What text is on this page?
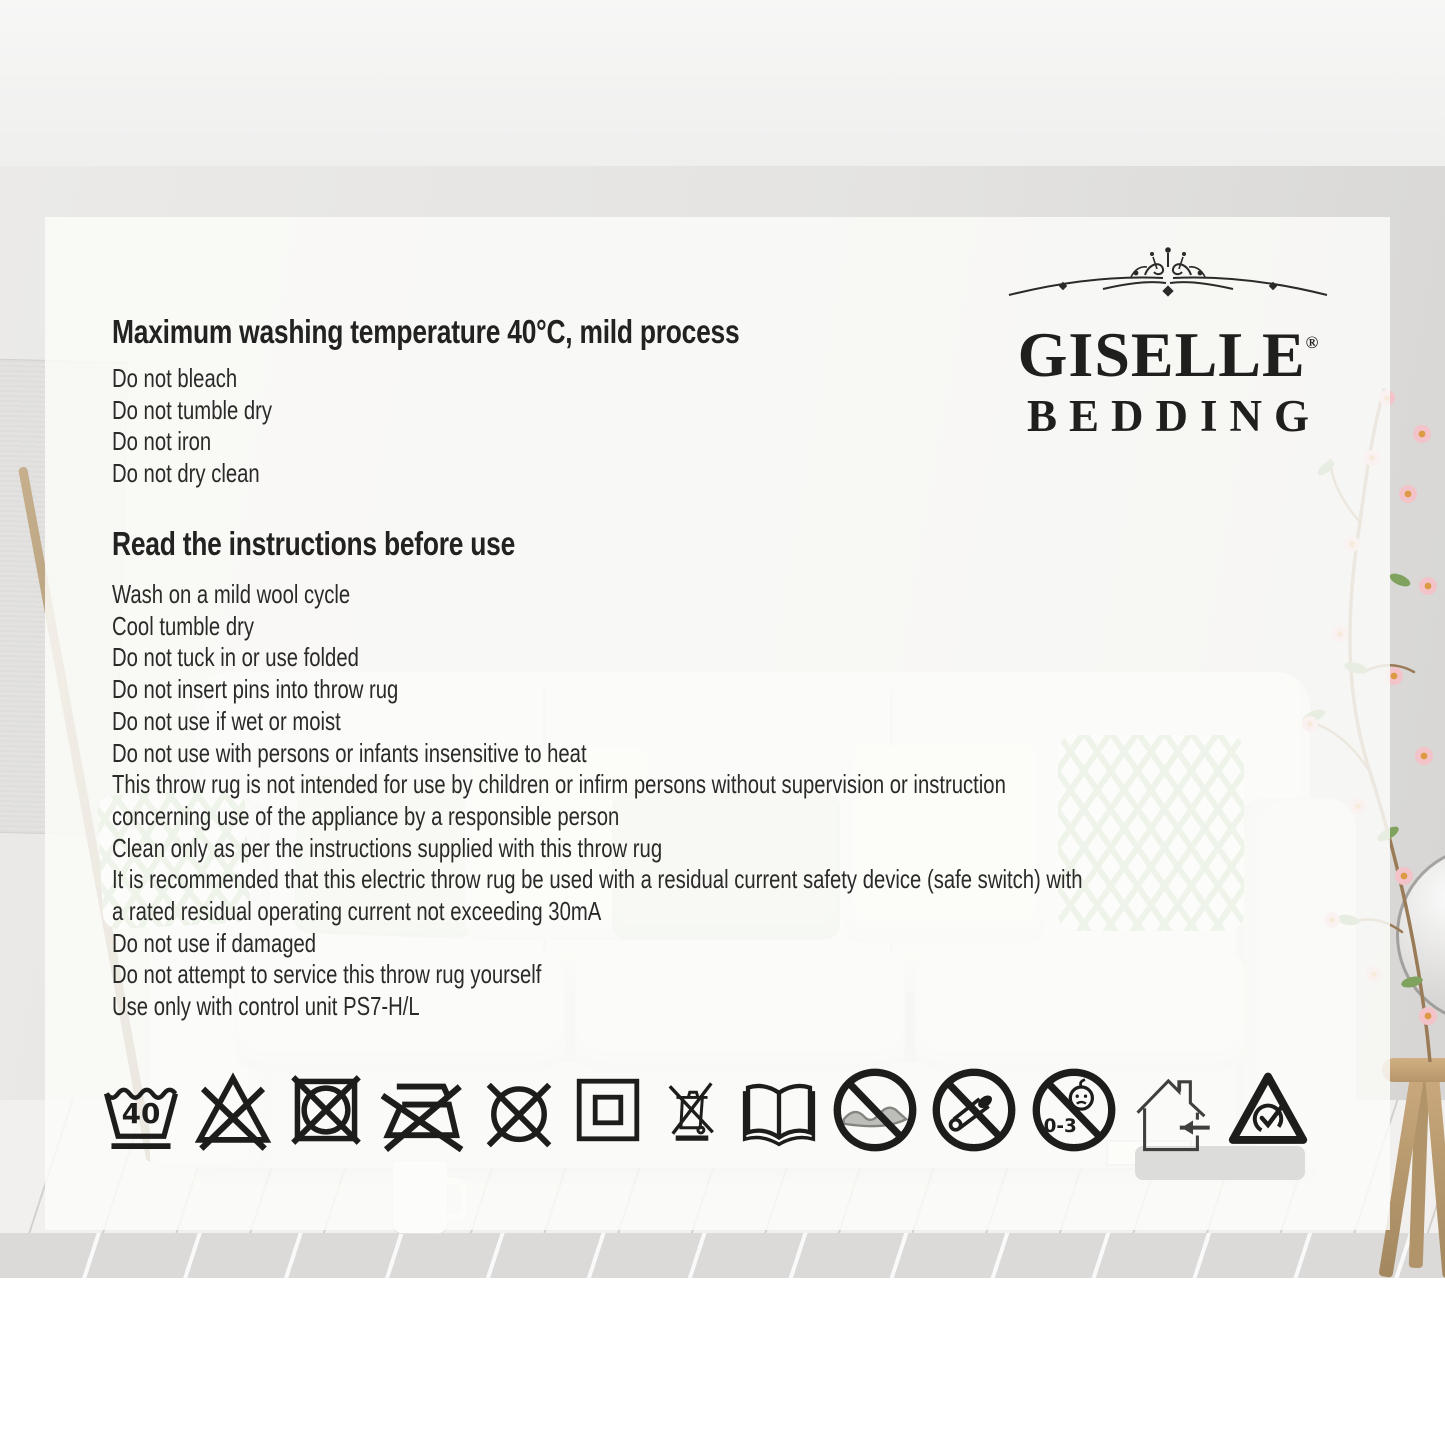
Maximum washing temperature 40°C, mild process
Do not bleach
Do not tumble dry
Do not iron
Do not dry clean
Read the instructions before use
Wash on a mild wool cycle
Cool tumble dry
Do not tuck in or use folded
Do not insert pins into throw rug
Do not use if wet or moist
Do not use with persons or infants insensitive to heat
This throw rug is not intended for use by children or infirm persons without supervision or instruction
concerning use of the appliance by a responsible person
Clean only as per the instructions supplied with this throw rug
It is recommended that this electric throw rug be used with a residual current safety device (safe switch) with
a rated residual operating current not exceeding 30mA
Do not use if damaged
Do not attempt to service this throw rug yourself
Use only with control unit PS7-H/L
GISELLE®
BEDDING
40	0-3
